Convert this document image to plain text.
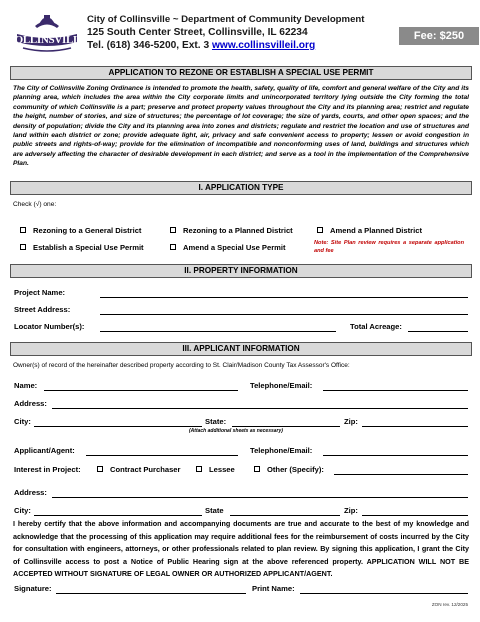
COLLINSVILLE
City of Collinsville ~ Department of Community Development
125 South Center Street, Collinsville, IL 62234
Tel. (618) 346-5200, Ext. 3 www.collinsvilleil.org
Fee: $250
APPLICATION TO REZONE OR ESTABLISH A SPECIAL USE PERMIT
The City of Collinsville Zoning Ordinance is intended to promote the health, safety, quality of life, comfort and general welfare of the City and its planning area, which includes the area within the City corporate limits and unincorporated territory lying outside the City forming the total community of which Collinsville is a part; preserve and protect property values throughout the City and its planning area; restrict and regulate the height, number of stories, and size of structures; the percentage of lot coverage; the size of yards, courts, and other open spaces; and the density of population; divide the City and its planning area into zones and districts; regulate and restrict the location and use of structures and land within each district or zone; provide adequate light, air, privacy and safe convenient access to property; lessen or avoid congestion in public streets and rights-of-way; provide for the elimination of incompatible and nonconforming uses of land, buildings and structures which are adversely affecting the character of desirable development in each district; and serve as a tool in the implementation of the Comprehensive Plan.
I. APPLICATION TYPE
Check (√) one:
Rezoning to a General District	Rezoning to a Planned District	Amend a Planned District
Establish a Special Use Permit	Amend a Special Use Permit	Note: Site Plan review requires a separate application and fee
II. PROPERTY INFORMATION
Project Name:
Street Address:
Locator Number(s):	Total Acreage:
III. APPLICANT INFORMATION
Owner(s) of record of the hereinafter described property according to St. Clair/Madison County Tax Assessor's Office:
Name:	Telephone/Email:
Address:
City:	State:	Zip:
(Attach additional sheets as necessary)
Applicant/Agent:	Telephone/Email:
Interest in Project:	Contract Purchaser	Lessee	Other (Specify):
Address:
City:	State	Zip:
I hereby certify that the above information and accompanying documents are true and accurate to the best of my knowledge and acknowledge that the processing of this application may require additional fees for the reimbursement of costs incurred by the City for consultation with engineers, attorneys, or other professionals related to plan review. By signing this application, I grant the City of Collinsville access to post a Notice of Public Hearing sign at the above referenced property. APPLICATION WILL NOT BE ACCEPTED WITHOUT SIGNATURE OF LEGAL OWNER OR AUTHORIZED APPLICANT/AGENT.
Signature:	Print Name:
ZON rev. 12/2025
